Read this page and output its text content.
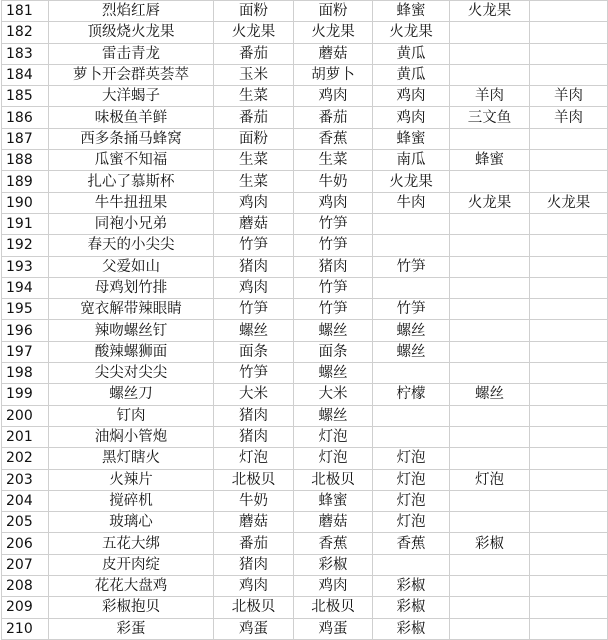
181	烈焰红唇	面粉	面粉	蜂蜜	火龙果	
182	顶级烧火龙果	火龙果	火龙果	火龙果		
183	雷击青龙	番茄	蘑菇	黄瓜		
184	萝卜开会群英荟萃	玉米	胡萝卜	黄瓜		
185	大洋蝎子	生菜	鸡肉	鸡肉	羊肉	羊肉
186	味极鱼羊鲜	番茄	番茄	鸡肉	三文鱼	羊肉
187	西多条捅马蜂窝	面粉	香蕉	蜂蜜		
188	瓜蜜不知福	生菜	生菜	南瓜	蜂蜜	
189	扎心了慕斯杯	生菜	牛奶	火龙果		
190	牛牛扭扭果	鸡肉	鸡肉	牛肉	火龙果	火龙果
191	同袍小兄弟	蘑菇	竹笋			
192	春天的小尖尖	竹笋	竹笋			
193	父爱如山	猪肉	猪肉	竹笋		
194	母鸡划竹排	鸡肉	竹笋			
195	宽衣解带辣眼睛	竹笋	竹笋	竹笋		
196	辣吻螺丝钉	螺丝	螺丝	螺丝		
197	酸辣螺狮面	面条	面条	螺丝		
198	尖尖对尖尖	竹笋	螺丝			
199	螺丝刀	大米	大米	柠檬	螺丝	
200	钉肉	猪肉	螺丝			
201	油焖小管炮	猪肉	灯泡			
202	黑灯瞎火	灯泡	灯泡	灯泡		
203	火辣片	北极贝	北极贝	灯泡	灯泡	
204	搅碎机	牛奶	蜂蜜	灯泡		
205	玻璃心	蘑菇	蘑菇	灯泡		
206	五花大绑	番茄	香蕉	香蕉	彩椒	
207	皮开肉绽	猪肉	彩椒			
208	花花大盘鸡	鸡肉	鸡肉	彩椒		
209	彩椒抱贝	北极贝	北极贝	彩椒		
210	彩蛋	鸡蛋	鸡蛋	彩椒		
